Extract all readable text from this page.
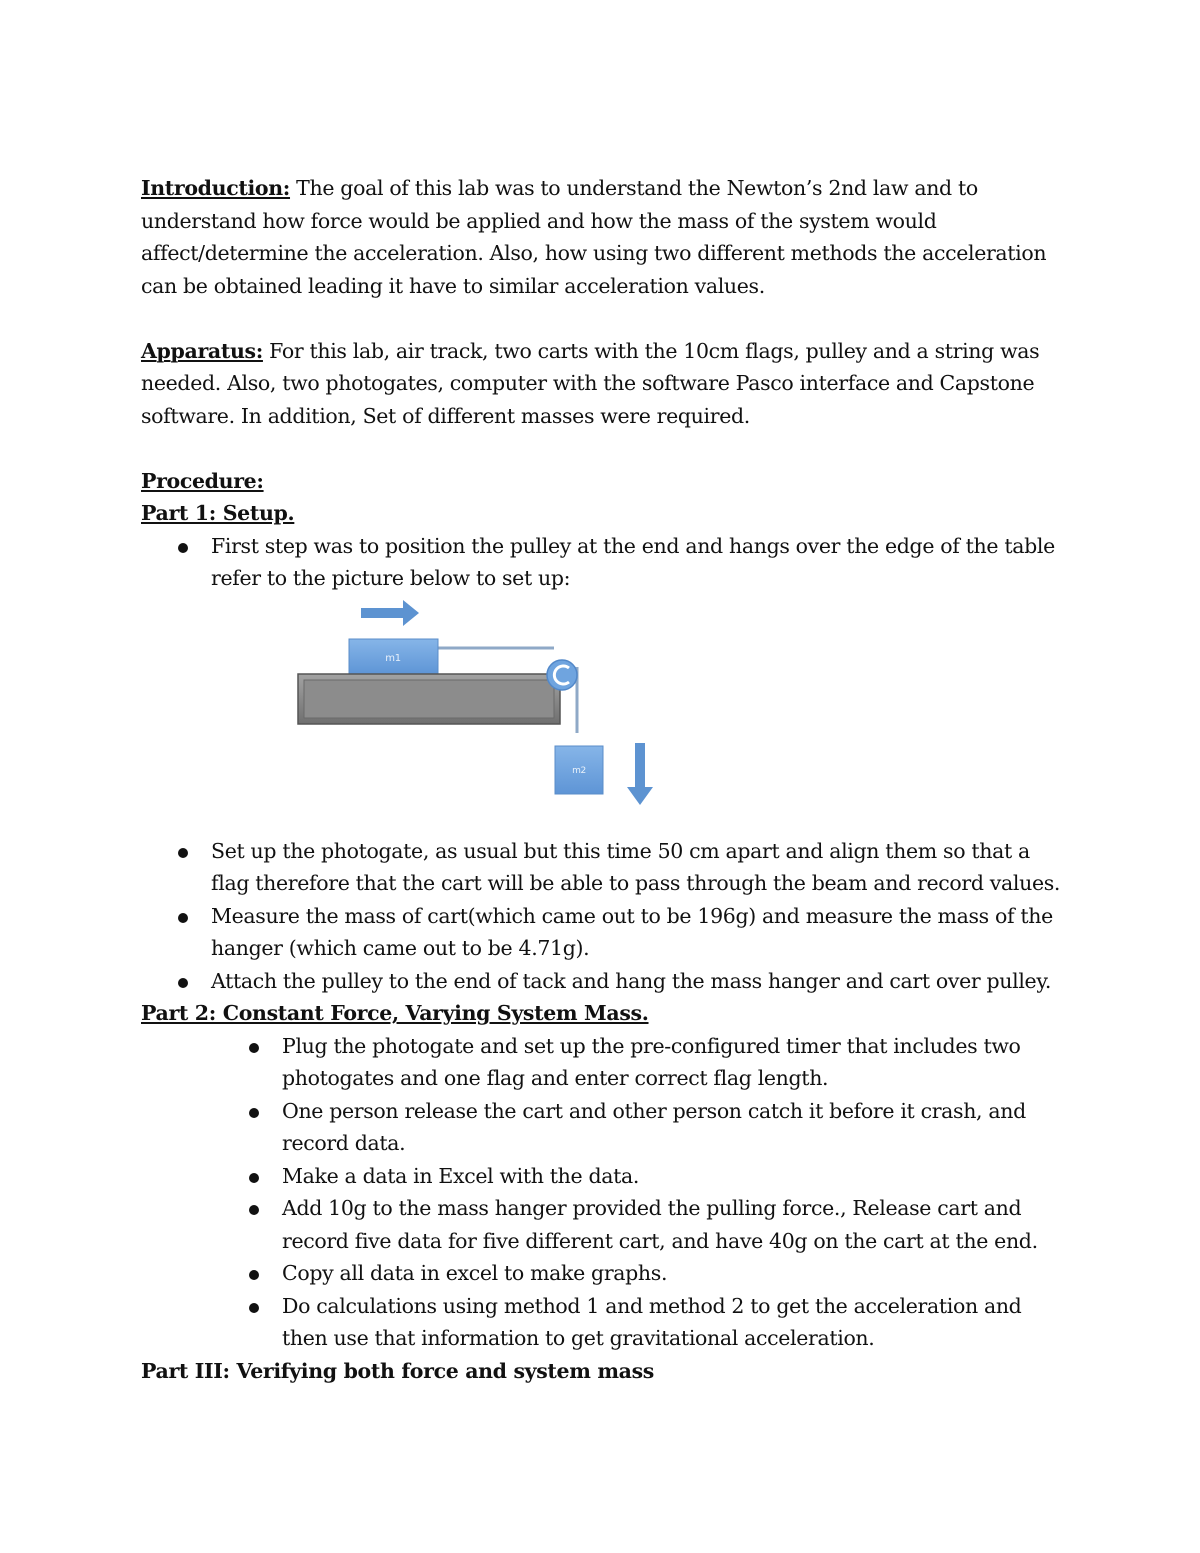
Introduction: The goal of this lab was to understand the Newton’s 2nd law and to understand how force would be applied and how the mass of the system would affect/determine the acceleration. Also, how using two different methods the acceleration can be obtained leading it have to similar acceleration values.

Apparatus: For this lab, air track, two carts with the 10cm flags, pulley and a string was needed. Also, two photogates, computer with the software Pasco interface and Capstone software. In addition, Set of different masses were required.

Procedure:

Part 1: Setup.

First step was to position the pulley at the end and hangs over the edge of the table refer to the picture below to set up:
m1
m2
Set up the photogate, as usual but this time 50 cm apart and align them so that a flag therefore that the cart will be able to pass through the beam and record values.
Measure the mass of cart(which came out to be 196g) and measure the mass of the hanger (which came out to be 4.71g).
Attach the pulley to the end of tack and hang the mass hanger and cart over pulley.

Part 2: Constant Force, Varying System Mass.

Plug the photogate and set up the pre-configured timer that includes two photogates and one flag and enter correct flag length.
One person release the cart and other person catch it before it crash, and record data.
Make a data in Excel with the data.
Add 10g to the mass hanger provided the pulling force., Release cart and record five data for five different cart, and have 40g on the cart at the end.
Copy all data in excel to make graphs.
Do calculations using method 1 and method 2 to get the acceleration and then use that information to get gravitational acceleration.

Part III: Verifying both force and system mass
